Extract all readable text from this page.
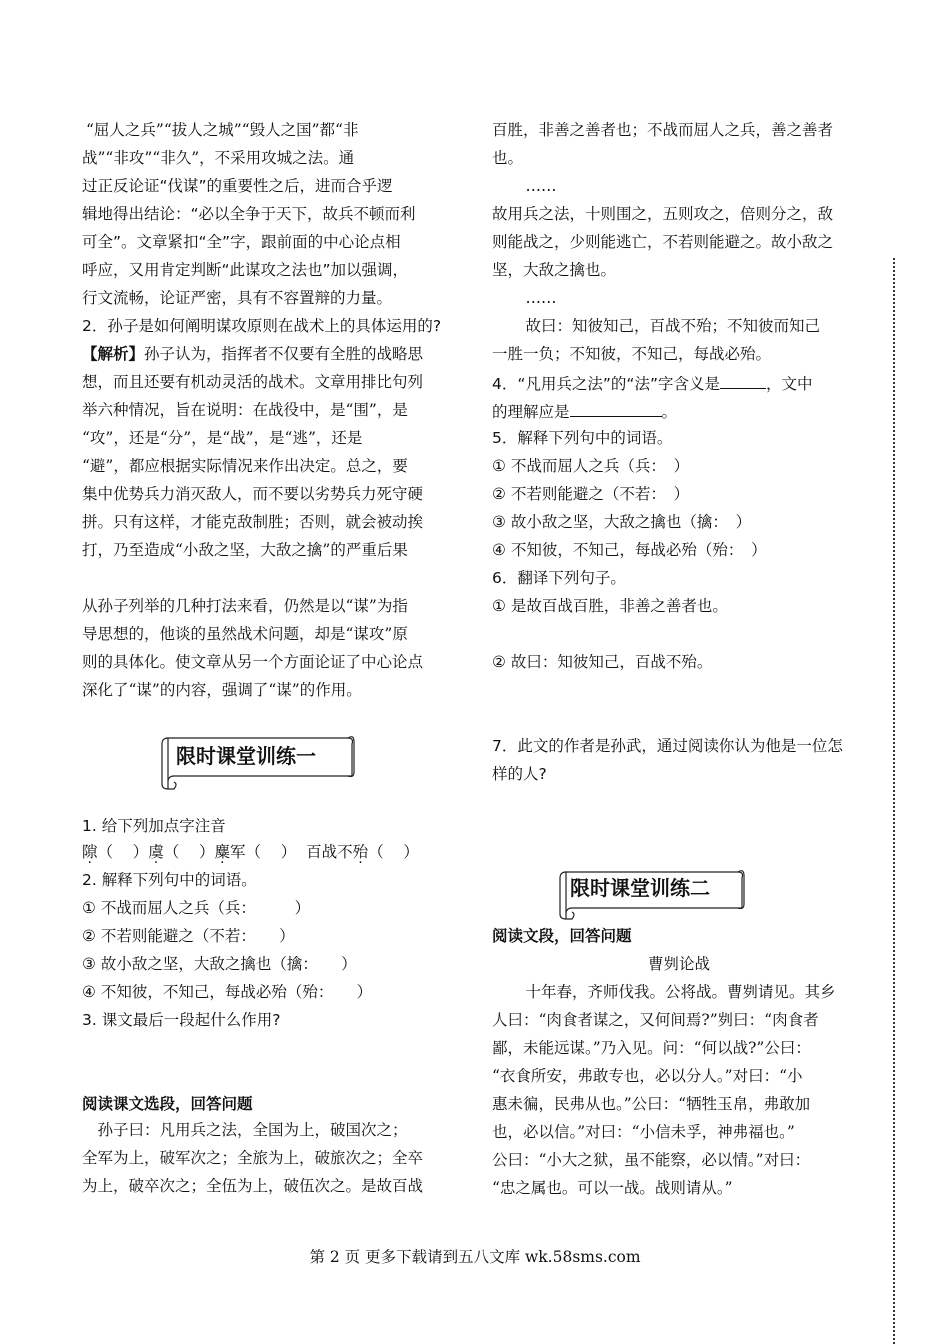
“屈人之兵”“拔人之城”“毁人之国”都“非
战”“非攻”“非久”，不采用攻城之法。通
过正反论证“伐谋”的重要性之后，进而合乎逻
辑地得出结论：“必以全争于天下，故兵不顿而利
可全”。文章紧扣“全”字，跟前面的中心论点相
呼应，又用肯定判断“此谋攻之法也”加以强调，
行文流畅，论证严密，具有不容置辩的力量。
2．孙子是如何阐明谋攻原则在战术上的具体运用的?
【解析】孙子认为，指挥者不仅要有全胜的战略思
想，而且还要有机动灵活的战术。文章用排比句列
举六种情况，旨在说明：在战役中，是“围”，是
“攻”，还是“分”，是“战”，是“逃”，还是
“避”，都应根据实际情况来作出决定。总之，要
集中优势兵力消灭敌人，而不要以劣势兵力死守硬
拼。只有这样，才能克敌制胜；否则，就会被动挨
打，乃至造成“小敌之坚，大敌之擒”的严重后果
从孙子列举的几种打法来看，仍然是以“谋”为指
导思想的，他谈的虽然战术问题，却是“谋攻”原
则的具体化。使文章从另一个方面论证了中心论点
深化了“谋”的内容，强调了“谋”的作用。
限时课堂训练一
1. 给下列加点字注音
隙（ ）虞（ ）麋军（ ） 百战不殆（ ）
2. 解释下列句中的词语。
① 不战而屈人之兵（兵：　　　）
② 不若则能避之（不若：　　）
③ 故小敌之坚，大敌之擒也（擒：　　）
④ 不知彼，不知己，每战必殆（殆：　　）
3. 课文最后一段起什么作用?
阅读课文选段，回答问题
　孙子曰：凡用兵之法，全国为上，破国次之；
全军为上，破军次之；全旅为上，破旅次之；全卒
为上，破卒次之；全伍为上，破伍次之。是故百战
百胜，非善之善者也；不战而屈人之兵，善之善者
也。
　……
故用兵之法，十则围之，五则攻之，倍则分之，敌
则能战之，少则能逃亡，不若则能避之。故小敌之
坚，大敌之擒也。
　……
　故曰：知彼知己，百战不殆；不知彼而知己
一胜一负；不知彼，不知己，每战必殆。
4．“凡用兵之法”的“法”字含义是	，文中
的理解应是	。
5．解释下列句中的词语。
① 不战而屈人之兵（兵：　）
② 不若则能避之（不若：　）
③ 故小敌之坚，大敌之擒也（擒：　）
④ 不知彼，不知己，每战必殆（殆：　）
6．翻译下列句子。
① 是故百战百胜，非善之善者也。
② 故曰：知彼知己，百战不殆。
7．此文的作者是孙武，通过阅读你认为他是一位怎
样的人?
限时课堂训练二
阅读文段，回答问题
曹刿论战
　十年春，齐师伐我。公将战。曹刿请见。其乡
人曰：“肉食者谋之，又何间焉?”刿曰：“肉食者
鄙，未能远谋。”乃入见。问：“何以战?”公曰：
“衣食所安，弗敢专也，必以分人。”对曰：“小
惠未徧，民弗从也。”公曰：“牺牲玉帛，弗敢加
也，必以信。”对曰：“小信未孚，神弗福也。”
公曰：“小大之狱，虽不能察，必以情。”对曰：
“忠之属也。可以一战。战则请从。”
第 2 页 更多下载请到五八文库 wk.58sms.com
